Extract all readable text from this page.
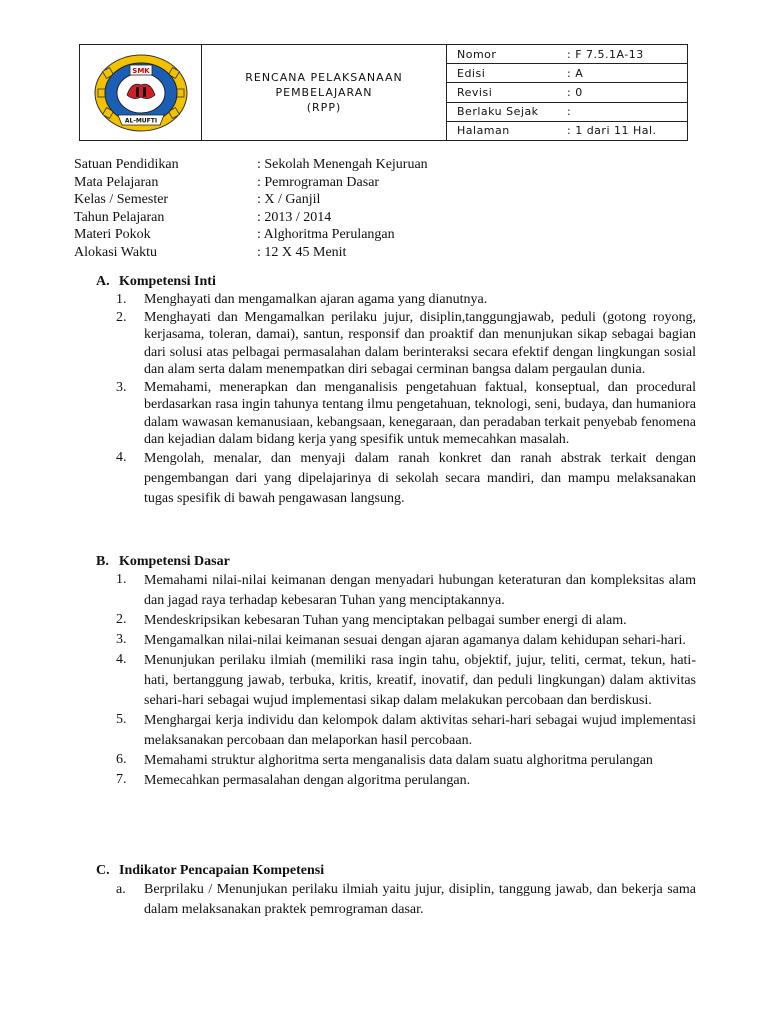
SMK
AL-MUFTI
RENCANA PELAKSANAAN
PEMBELAJARAN
(RPP)
Nomor	: F 7.5.1A-13
Edisi	: A
Revisi	: 0
Berlaku Sejak	:
Halaman	: 1 dari 11 Hal.
Satuan Pendidikan	: Sekolah Menengah Kejuruan
Mata Pelajaran	: Pemrograman Dasar
Kelas / Semester	: X / Ganjil
Tahun Pelajaran	: 2013 / 2014
Materi Pokok	: Alghoritma Perulangan
Alokasi Waktu	: 12 X 45 Menit
A. Kompetensi Inti
1.	Menghayati dan mengamalkan ajaran agama yang dianutnya.
2.	Menghayati dan Mengamalkan perilaku jujur, disiplin,tanggungjawab, peduli (gotong royong, kerjasama, toleran, damai), santun, responsif dan proaktif dan menunjukan sikap sebagai bagian dari solusi atas pelbagai permasalahan dalam berinteraksi secara efektif dengan lingkungan sosial dan alam serta dalam menempatkan diri sebagai cerminan bangsa dalam pergaulan dunia.
3.	Memahami, menerapkan dan menganalisis pengetahuan faktual, konseptual, dan procedural berdasarkan rasa ingin tahunya tentang ilmu pengetahuan, teknologi, seni, budaya, dan humaniora dalam wawasan kemanusiaan, kebangsaan, kenegaraan, dan peradaban terkait penyebab fenomena dan kejadian dalam bidang kerja yang spesifik untuk memecahkan masalah.
4.	Mengolah, menalar, dan menyaji dalam ranah konkret dan ranah abstrak terkait dengan pengembangan dari yang dipelajarinya di sekolah secara mandiri, dan mampu melaksanakan tugas spesifik di bawah pengawasan langsung.
B. Kompetensi Dasar
1.	Memahami nilai-nilai keimanan dengan menyadari hubungan keteraturan dan kompleksitas alam dan jagad raya terhadap kebesaran Tuhan yang menciptakannya.
2.	Mendeskripsikan kebesaran Tuhan yang menciptakan pelbagai sumber energi di alam.
3.	Mengamalkan nilai-nilai keimanan sesuai dengan ajaran agamanya dalam kehidupan sehari-hari.
4.	Menunjukan perilaku ilmiah (memiliki rasa ingin tahu, objektif, jujur, teliti, cermat, tekun, hati-hati, bertanggung jawab, terbuka, kritis, kreatif, inovatif, dan peduli lingkungan) dalam aktivitas sehari-hari sebagai wujud implementasi sikap dalam melakukan percobaan dan berdiskusi.
5.	Menghargai kerja individu dan kelompok dalam aktivitas sehari-hari sebagai wujud implementasi melaksanakan percobaan dan melaporkan hasil percobaan.
6.	Memahami struktur alghoritma serta menganalisis data dalam suatu alghoritma perulangan
7.	Memecahkan permasalahan dengan algoritma perulangan.
C. Indikator Pencapaian Kompetensi
a.	Berprilaku / Menunjukan perilaku ilmiah yaitu jujur, disiplin, tanggung jawab, dan bekerja sama dalam melaksanakan praktek pemrograman dasar.
